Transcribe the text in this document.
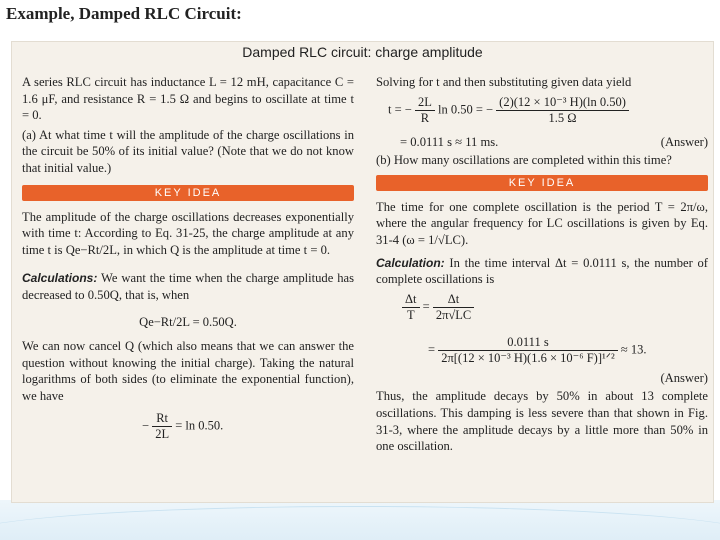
Example, Damped RLC Circuit:
Damped RLC circuit: charge amplitude

A series RLC circuit has inductance L = 12 mH, capacitance C = 1.6 μF, and resistance R = 1.5 Ω and begins to oscillate at time t = 0.

(a) At what time t will the amplitude of the charge oscillations in the circuit be 50% of its initial value? (Note that we do not know that initial value.)

KEY IDEA

The amplitude of the charge oscillations decreases exponentially with time t: According to Eq. 31-25, the charge amplitude at any time t is Qe−Rt/2L, in which Q is the amplitude at time t = 0.

Calculations: We want the time when the charge amplitude has decreased to 0.50Q, that is, when

Qe−Rt/2L = 0.50Q.

We can now cancel Q (which also means that we can answer the question without knowing the initial charge). Taking the natural logarithms of both sides (to eliminate the exponential function), we have

− $\frac{Rt}{2L} = \ln 0.50$.

Solving for t and then substituting given data yield

t = − $\frac{2L}{R}$ ln 0.50 = − $\frac{\text{(2)(12 × 10⁻³ H)(ln 0.50)}}{1.5 \Omega}$
= 0.0111 s ≈ 11 ms.	(Answer)

(b) How many oscillations are completed within this time?

KEY IDEA

The time for one complete oscillation is the period T = 2π/ω, where the angular frequency for LC oscillations is given by Eq. 31-4 (ω = 1/√LC).

Calculation: In the time interval Δt = 0.0111 s, the number of complete oscillations is

$\frac{\Delta t}{T} = \frac{\Delta t}{2\pi√LC}$
= $\frac{0.0111 s}{\text{2π[(12 × 10⁻³ H)(1.6 × 10⁻⁶ F)]¹ᐟ²}} \approx 13$.
(Answer)

Thus, the amplitude decays by 50% in about 13 complete oscillations. This damping is less severe than that shown in Fig. 31-3, where the amplitude decays by a little more than 50% in one oscillation.
